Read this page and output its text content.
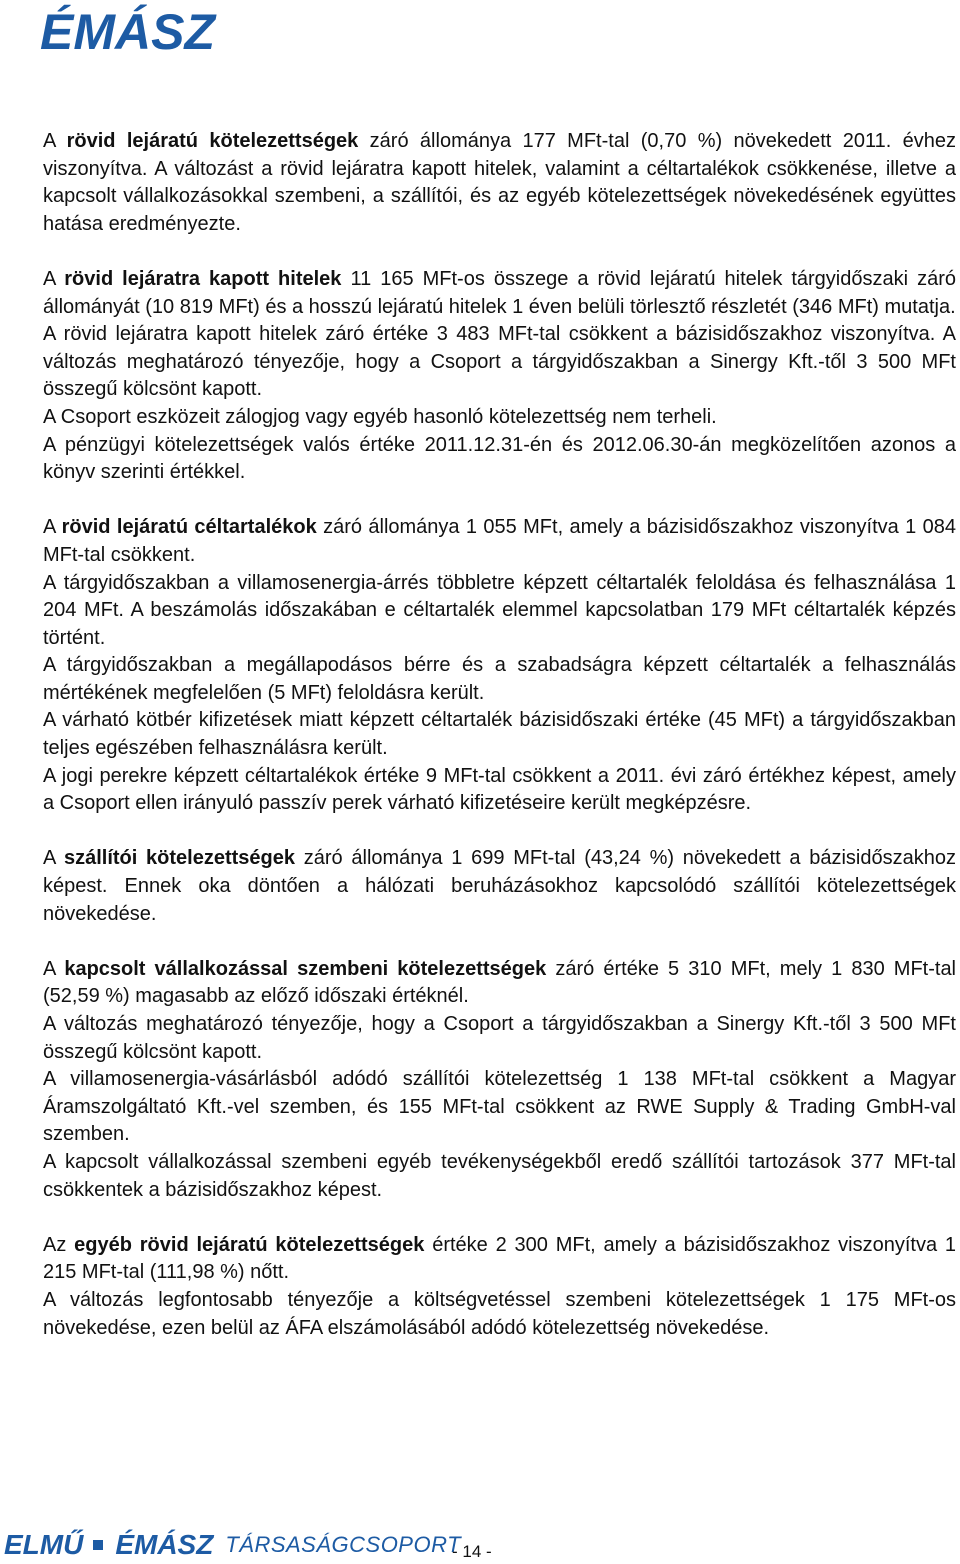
ÉMÁSZ

A rövid lejáratú kötelezettségek záró állománya 177 MFt-tal (0,70 %) növekedett 2011. évhez viszonyítva. A változást a rövid lejáratra kapott hitelek, valamint a céltartalékok csökkenése, illetve a kapcsolt vállalkozásokkal szembeni, a szállítói, és az egyéb kötelezettségek növekedésének együttes hatása eredményezte.

A rövid lejáratra kapott hitelek 11 165 MFt-os összege a rövid lejáratú hitelek tárgyidőszaki záró állományát (10 819 MFt) és a hosszú lejáratú hitelek 1 éven belüli törlesztő részletét (346 MFt) mutatja.

A rövid lejáratra kapott hitelek záró értéke 3 483 MFt-tal csökkent a bázisidőszakhoz viszonyítva. A változás meghatározó tényezője, hogy a Csoport a tárgyidőszakban a Sinergy Kft.-től 3 500 MFt összegű kölcsönt kapott.

A Csoport eszközeit zálogjog vagy egyéb hasonló kötelezettség nem terheli.

A pénzügyi kötelezettségek valós értéke 2011.12.31-én és 2012.06.30-án megközelítően azonos a könyv szerinti értékkel.

A rövid lejáratú céltartalékok záró állománya 1 055 MFt, amely a bázisidőszakhoz viszonyítva 1 084 MFt-tal csökkent.

A tárgyidőszakban a villamosenergia-árrés többletre képzett céltartalék feloldása és felhasználása 1 204 MFt. A beszámolás időszakában e céltartalék elemmel kapcsolatban 179 MFt céltartalék képzés történt.

A tárgyidőszakban a megállapodásos bérre és a szabadságra képzett céltartalék a felhasználás mértékének megfelelően (5 MFt) feloldásra került.

A várható kötbér kifizetések miatt képzett céltartalék bázisidőszaki értéke (45 MFt) a tárgyidőszakban teljes egészében felhasználásra került.

A jogi perekre képzett céltartalékok értéke 9 MFt-tal csökkent a 2011. évi záró értékhez képest, amely a Csoport ellen irányuló passzív perek várható kifizetéseire került megképzésre.

A szállítói kötelezettségek záró állománya 1 699 MFt-tal (43,24 %) növekedett a bázisidőszakhoz képest. Ennek oka döntően a hálózati beruházásokhoz kapcsolódó szállítói kötelezettségek növekedése.

A kapcsolt vállalkozással szembeni kötelezettségek záró értéke 5 310 MFt, mely 1 830 MFt-tal (52,59 %) magasabb az előző időszaki értéknél.

A változás meghatározó tényezője, hogy a Csoport a tárgyidőszakban a Sinergy Kft.-től 3 500 MFt összegű kölcsönt kapott.

A villamosenergia-vásárlásból adódó szállítói kötelezettség 1 138 MFt-tal csökkent a Magyar Áramszolgáltató Kft.-vel szemben, és 155 MFt-tal csökkent az RWE Supply & Trading GmbH-val szemben.

A kapcsolt vállalkozással szembeni egyéb tevékenységekből eredő szállítói tartozások 377 MFt-tal csökkentek a bázisidőszakhoz képest.

Az egyéb rövid lejáratú kötelezettségek értéke 2 300 MFt, amely a bázisidőszakhoz viszonyítva 1 215 MFt-tal (111,98 %) nőtt.

A változás legfontosabb tényezője a költségvetéssel szembeni kötelezettségek 1 175 MFt-os növekedése, ezen belül az ÁFA elszámolásából adódó kötelezettség növekedése.

ELMŰ ÉMÁSZ TÁRSASÁGCSOPORT
- 14 -
